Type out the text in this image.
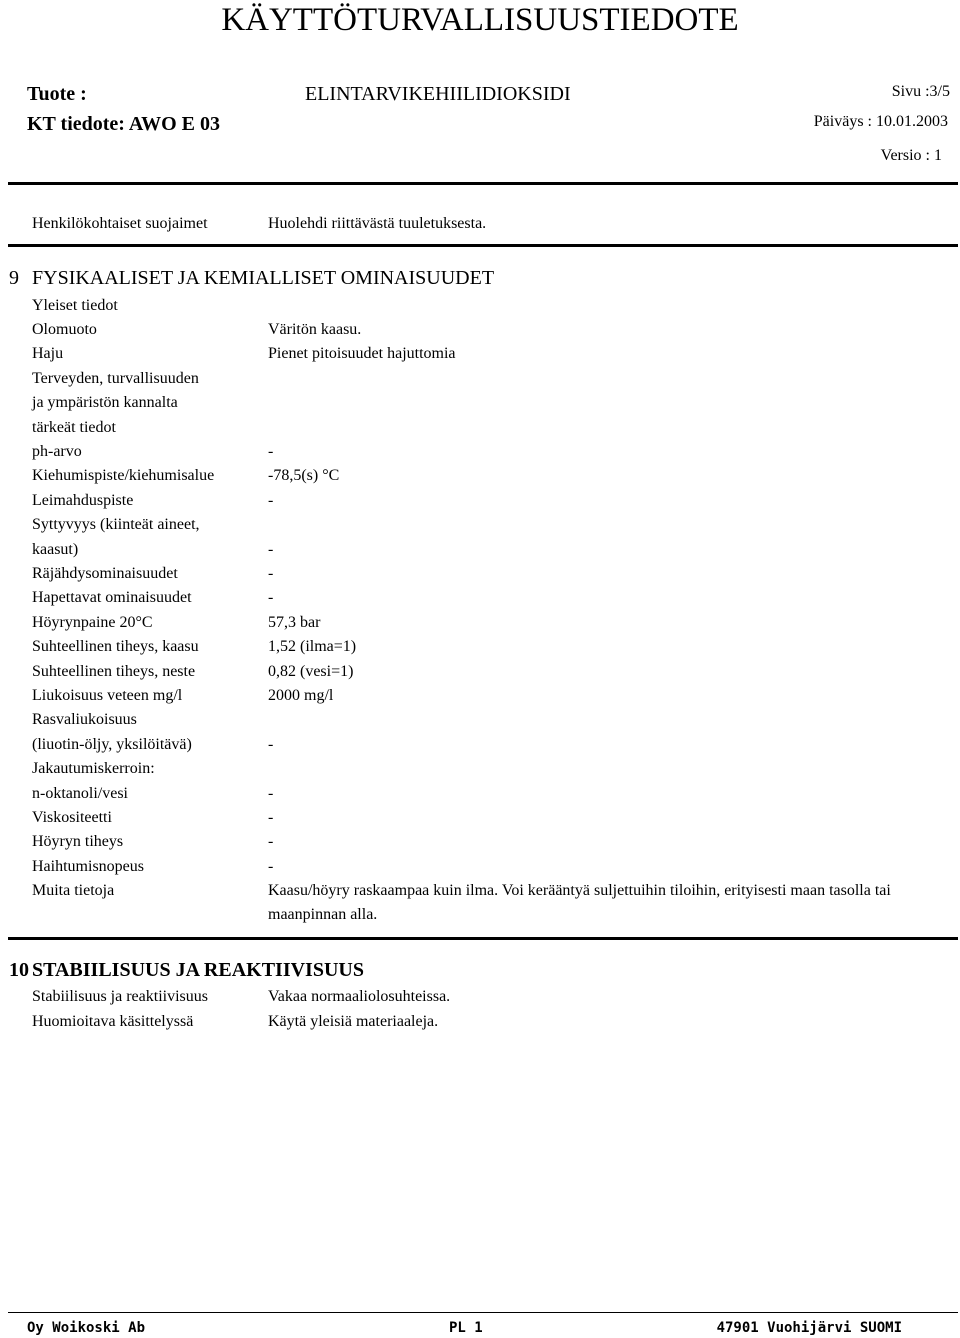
KÄYTTÖTURVALLISUUSTIEDOTE
Tuote :	ELINTARVIKEHIILIDIOKSIDI	Sivu :3/5
KT tiedote: AWO E 03	Päiväys : 10.01.2003
Versio : 1
Henkilökohtaiset suojaimet	Huolehdi riittävästä tuuletuksesta.
9 FYSIKAALISET JA KEMIALLISET OMINAISUUDET
Yleiset tiedot
Olomuoto	Väritön kaasu.
Haju	Pienet pitoisuudet hajuttomia
Terveyden, turvallisuuden
ja ympäristön kannalta
tärkeät tiedot
ph-arvo	-
Kiehumispiste/kiehumisalue	-78,5(s) °C
Leimahduspiste	-
Syttyvyys (kiinteät aineet,
kaasut)	-
Räjähdysominaisuudet	-
Hapettavat ominaisuudet	-
Höyrynpaine 20°C	57,3 bar
Suhteellinen tiheys, kaasu	1,52 (ilma=1)
Suhteellinen tiheys, neste	0,82 (vesi=1)
Liukoisuus veteen mg/l	2000 mg/l
Rasvaliukoisuus
(liuotin-öljy, yksilöitävä)	-
Jakautumiskerroin:
n-oktanoli/vesi	-
Viskositeetti	-
Höyryn tiheys	-
Haihtumisnopeus	-
Muita tietoja	Kaasu/höyry raskaampaa kuin ilma. Voi kerääntyä suljettuihin tiloihin, erityisesti maan tasolla tai
maanpinnan alla.
10 STABIILISUUS JA REAKTIIVISUUS
Stabiilisuus ja reaktiivisuus	Vakaa normaaliolosuhteissa.
Huomioitava käsittelyssä	Käytä yleisiä materiaaleja.
Oy Woikoski Ab	PL 1	47901 Vuohijärvi SUOMI
